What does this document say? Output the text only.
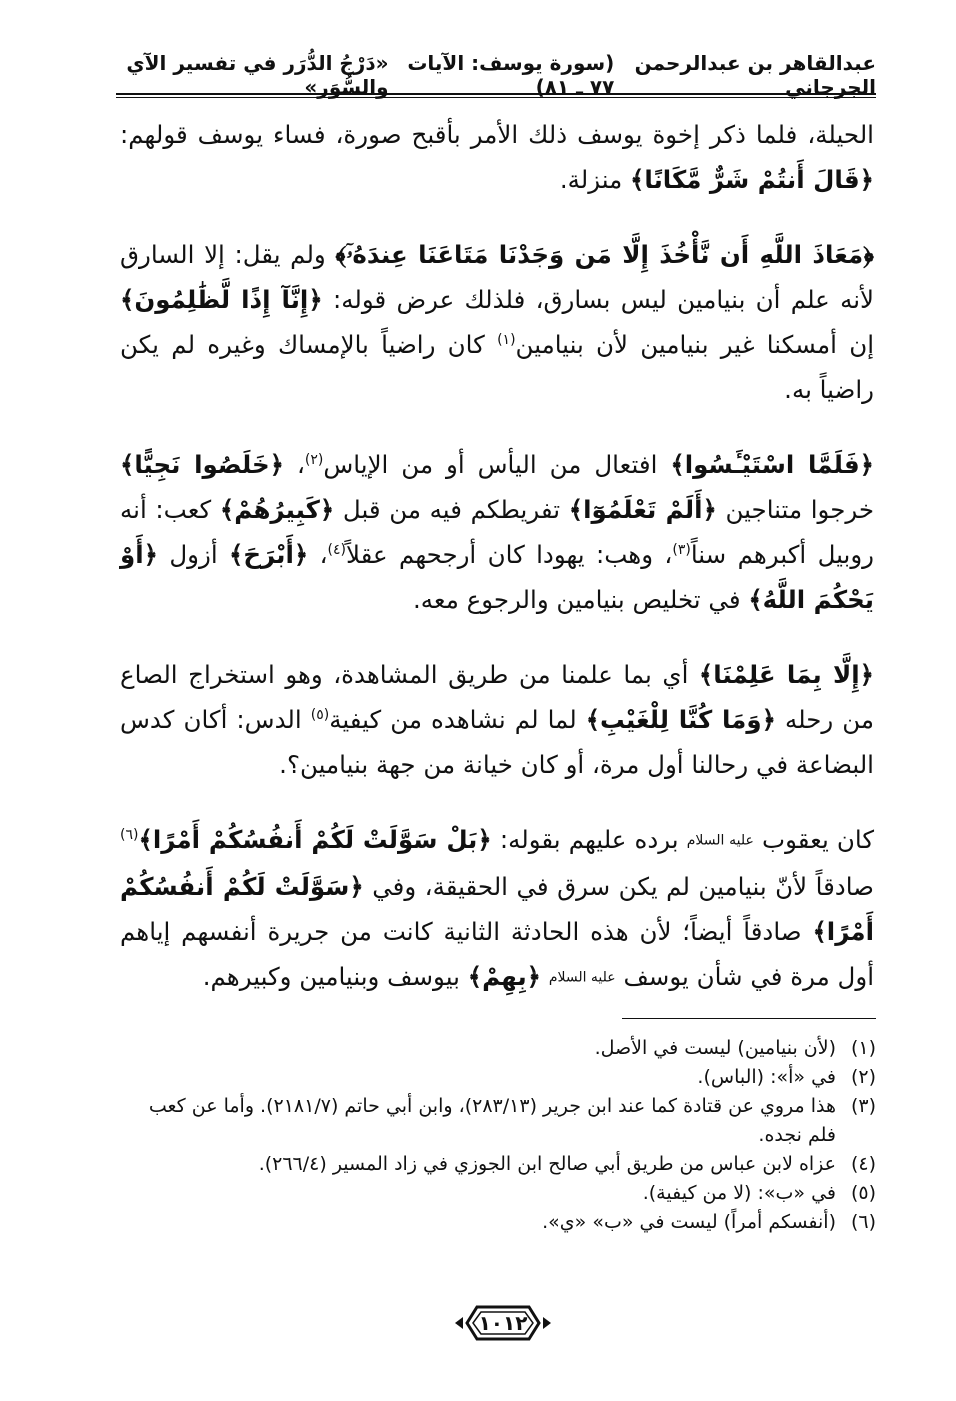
عبدالقاهر بن عبدالرحمن الجرجاني
(سورة يوسف: الآيات ٧٧ ـ ٨١)
«دَرْجُ الدُّرَر في تفسير الآي والسُّوَر»

الحيلة، فلما ذكر إخوة يوسف ذلك الأمر بأقبح صورة، فساء يوسف قولهم: ﴿قَالَ أَنتُمْ شَرٌّ مَّكَانًا﴾ منزلة.

﴿مَعَاذَ اللَّهِ أَن نَّأْخُذَ إِلَّا مَن وَجَدْنَا مَتَاعَنَا عِندَهُۥٓ﴾ ولم يقل: إلا السارق لأنه علم أن بنيامين ليس بسارق، فلذلك عرض قوله: ﴿إِنَّآ إِذًا لَّظَٰلِمُونَ﴾ إن أمسكنا غير بنيامين لأن بنيامين$^{(١)}$ كان راضياً بالإمساك وغيره لم يكن راضياً به.

﴿فَلَمَّا اسْتَيْـَٔسُوا﴾ افتعال من اليأس أو من الإياس$^{(٢)}$، ﴿خَلَصُوا نَجِيًّا﴾ خرجوا متناجين ﴿أَلَمْ تَعْلَمُوٓا﴾ تفريطكم فيه من قبل ﴿كَبِيرُهُمْ﴾ كعب: أنه روبيل أكبرهم سناً$^{(٣)}$، وهب: يهودا كان أرجحهم عقلاً$^{(٤)}$، ﴿أَبْرَحَ﴾ أزول ﴿أَوْ يَحْكُمَ اللَّهُ﴾ في تخليص بنيامين والرجوع معه.

﴿إِلَّا بِمَا عَلِمْنَا﴾ أي بما علمنا من طريق المشاهدة، وهو استخراج الصاع من رحله ﴿وَمَا كُنَّا لِلْغَيْبِ﴾ لما لم نشاهده من كيفية$^{(٥)}$ الدس: أكان كدس البضاعة في رحالنا أول مرة، أو كان خيانة من جهة بنيامين؟.

كان يعقوب عليه السلام برده عليهم بقوله: ﴿بَلْ سَوَّلَتْ لَكُمْ أَنفُسُكُمْ أَمْرًا﴾$^{(٦)}$ صادقاً لأنّ بنيامين لم يكن سرق في الحقيقة، وفي ﴿سَوَّلَتْ لَكُمْ أَنفُسُكُمْ أَمْرًا﴾ صادقاً أيضاً؛ لأن هذه الحادثة الثانية كانت من جريرة أنفسهم إياهم أول مرة في شأن يوسف عليه السلام ﴿بِهِمْ﴾ بيوسف وبنيامين وكبيرهم.

(١)
(لأن بنيامين) ليست في الأصل.
(٢)
في «أ»: (الباس).
(٣)
هذا مروي عن قتادة كما عند ابن جرير (٢٨٣/١٣)، وابن أبي حاتم (٢١٨١/٧). وأما عن كعب فلم نجده.
(٤)
عزاه لابن عباس من طريق أبي صالح ابن الجوزي في زاد المسير (٢٦٦/٤).
(٥)
في «ب»: (لا من كيفية).
(٦)
(أنفسكم أمراً) ليست في «ب» «ي».
١٠١٢
